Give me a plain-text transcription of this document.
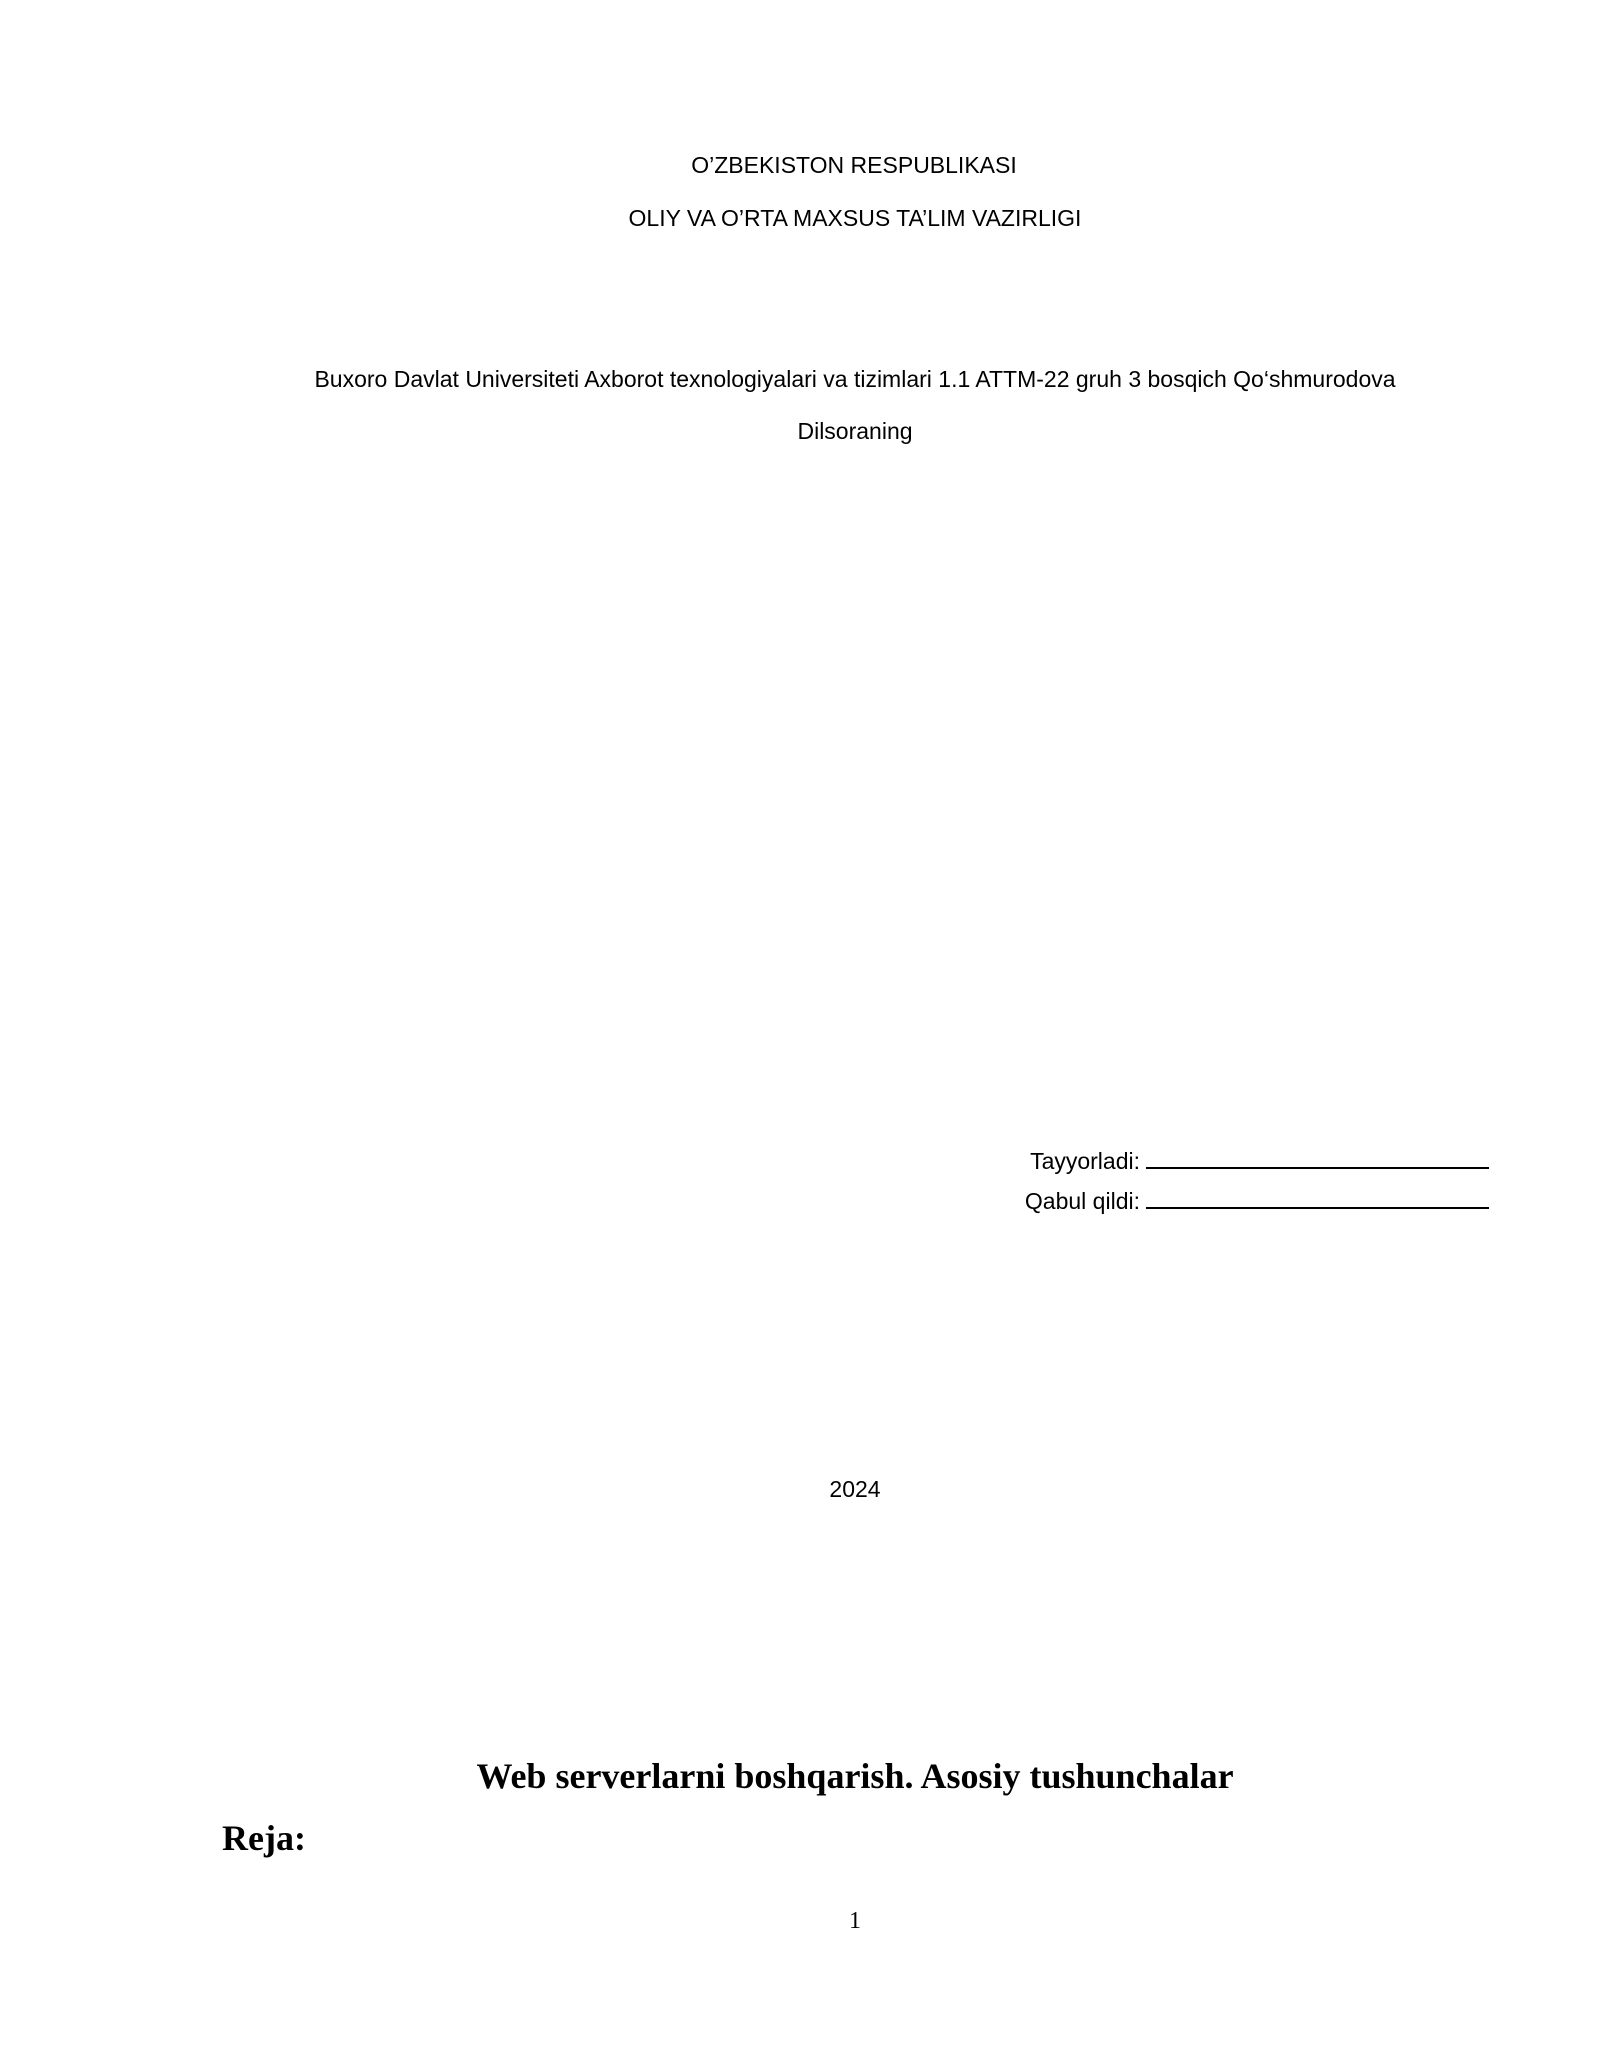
O’ZBEKISTON RESPUBLIKASI
OLIY VA O’RTA MAXSUS TA’LIM VAZIRLIGI
Buxoro Davlat Universiteti Axborot texnologiyalari va tizimlari 1.1 ATTM-22 gruh 3 bosqich Qo‘shmurodova
Dilsoraning
Tayyorladi:
Qabul qildi:
2024
Web serverlarni boshqarish. Asosiy tushunchalar
Reja:
1
